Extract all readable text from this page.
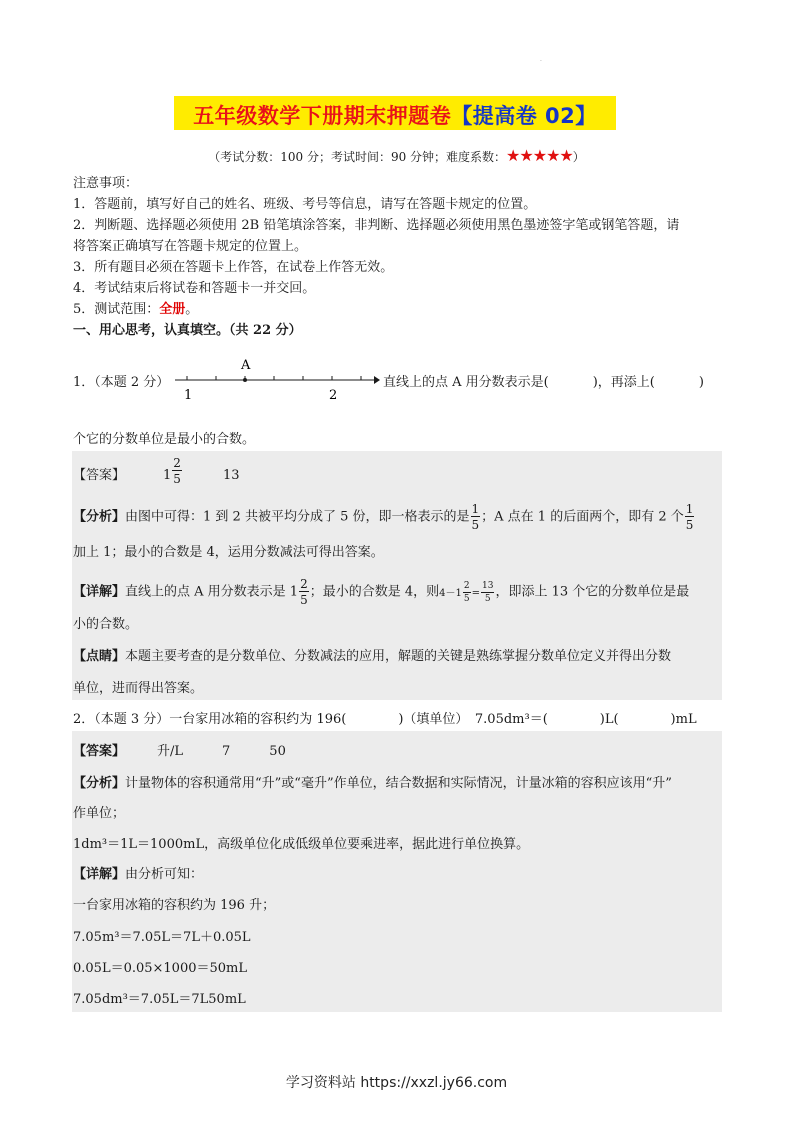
·
五年级数学下册期末押题卷【提高卷 02】
（考试分数：100 分；考试时间：90 分钟；难度系数：★★★★★）
注意事项：
1．答题前，填写好自己的姓名、班级、考号等信息，请写在答题卡规定的位置。
2．判断题、选择题必须使用 2B 铅笔填涂答案，非判断、选择题必须使用黑色墨迹签字笔或钢笔答题，请
将答案正确填写在答题卡规定的位置上。
3．所有题目必须在答题卡上作答，在试卷上作答无效。
4．考试结束后将试卷和答题卡一并交回。
5．测试范围：全册。
一、用心思考，认真填空。（共 22 分）
1．（本题 2 分）
A
1	2
直线上的点 A 用分数表示是(	)，再添上(	)
个它的分数单位是最小的合数。
【答案】	$1 \frac{2}{5}$	13
【分析】由图中可得：1 到 2 共被平均分成了 5 份，即一格表示的是 $\frac{1}{5}$ ；A 点在 1 的后面两个，即有 2 个 $\frac{1}{5}$
加上 1；最小的合数是 4，运用分数减法可得出答案。
【详解】直线上的点 A 用分数表示是 $1 \frac{2}{5}$ ；最小的合数是 4，则$4-1 \frac{2}{5} = \frac{13}{5}$ ，即添上 13 个它的分数单位是最
小的合数。
【点睛】本题主要考查的是分数单位、分数减法的应用，解题的关键是熟练掌握分数单位定义并得出分数
单位，进而得出答案。
2．（本题 3 分）一台家用冰箱的容积约为 196(　　　　)（填单位）　7.05dm³＝(　　　　)L(　　　　)mL
【答案】 升/L　　　7　　　50
【分析】计量物体的容积通常用“升”或“毫升”作单位，结合数据和实际情况，计量冰箱的容积应该用“升”
作单位；
1dm³＝1L＝1000mL，高级单位化成低级单位要乘进率，据此进行单位换算。
【详解】由分析可知：
一台家用冰箱的容积约为 196 升；
7.05m³＝7.05L＝7L＋0.05L
0.05L＝0.05×1000＝50mL
7.05dm³＝7.05L＝7L50mL
学习资料站 https://xxzl.jy66.com
